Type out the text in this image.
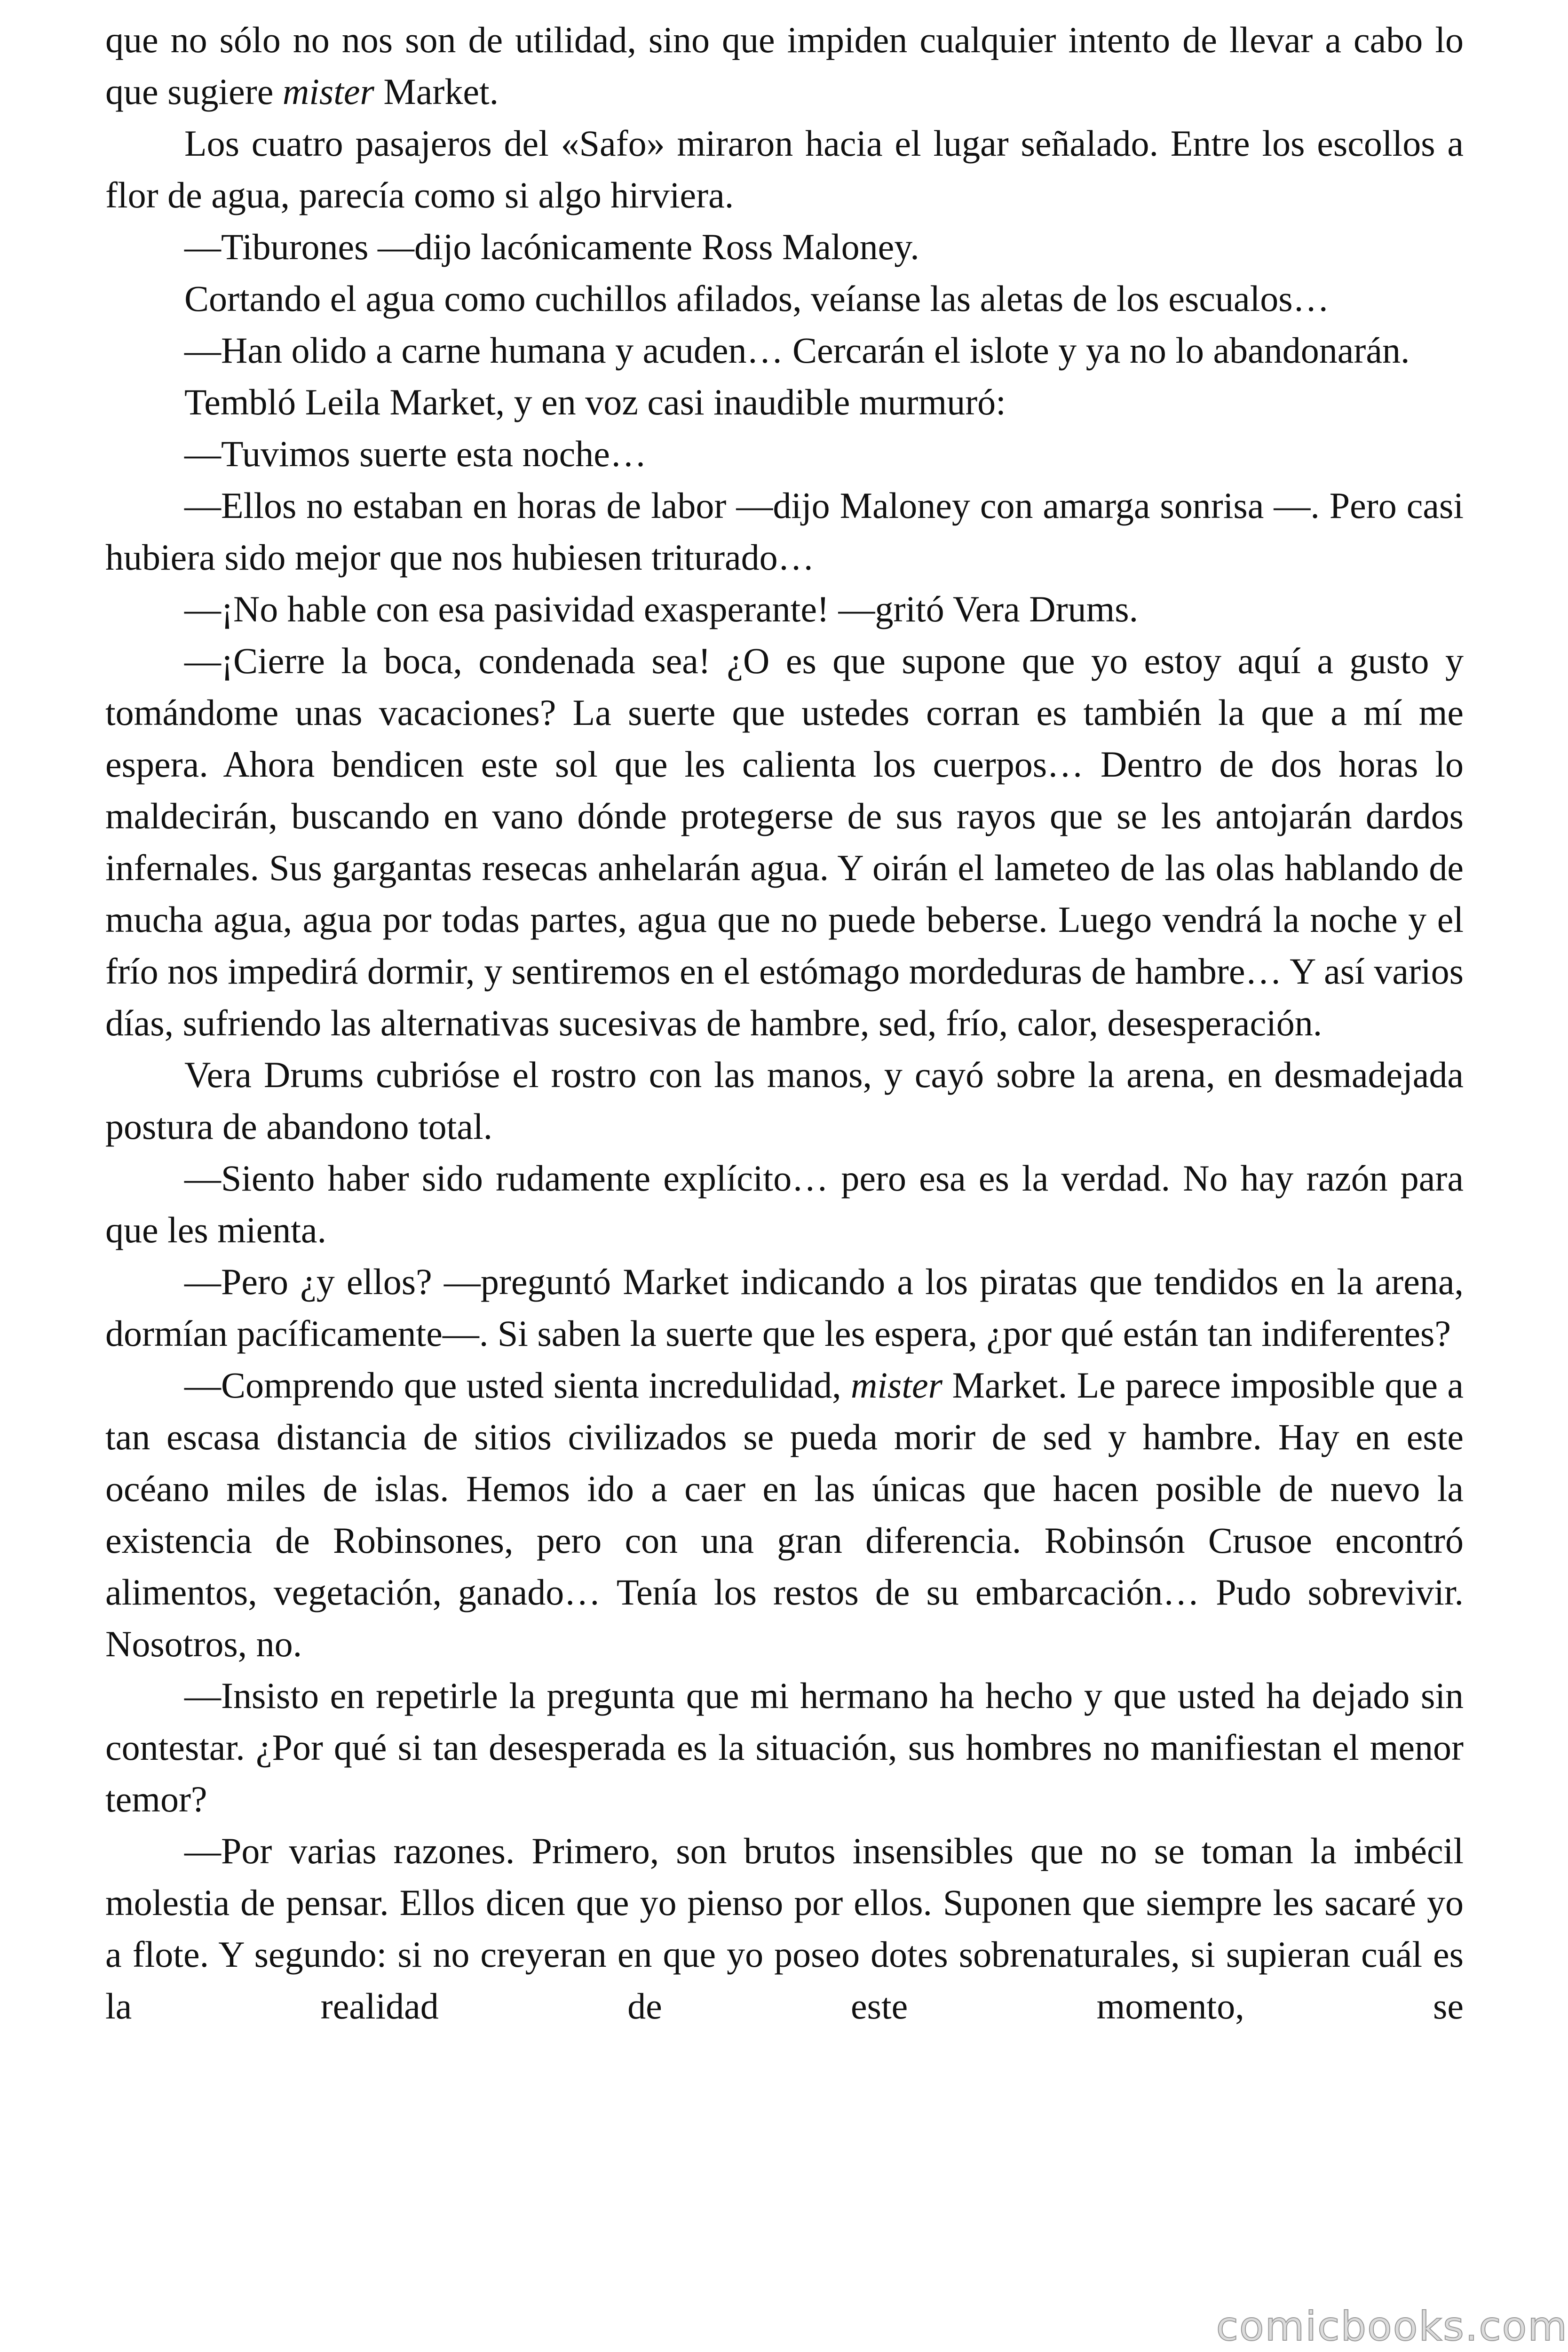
que no sólo no nos son de utilidad, sino que impiden cualquier intento de llevar a cabo lo que sugiere mister Market.

Los cuatro pasajeros del «Safo» miraron hacia el lugar señalado. Entre los escollos a flor de agua, parecía como si algo hirviera.

—Tiburones —dijo lacónicamente Ross Maloney.

Cortando el agua como cuchillos afilados, veíanse las aletas de los escualos…

—Han olido a carne humana y acuden… Cercarán el islote y ya no lo abandonarán.

Tembló Leila Market, y en voz casi inaudible murmuró:

—Tuvimos suerte esta noche…

—Ellos no estaban en horas de labor —dijo Maloney con amarga sonrisa —. Pero casi hubiera sido mejor que nos hubiesen triturado…

—¡No hable con esa pasividad exasperante! —gritó Vera Drums.

—¡Cierre la boca, condenada sea! ¿O es que supone que yo estoy aquí a gusto y tomándome unas vacaciones? La suerte que ustedes corran es también la que a mí me espera. Ahora bendicen este sol que les calienta los cuerpos… Dentro de dos horas lo maldecirán, buscando en vano dónde protegerse de sus rayos que se les antojarán dardos infernales. Sus gargantas resecas anhelarán agua. Y oirán el lameteo de las olas hablando de mucha agua, agua por todas partes, agua que no puede beberse. Luego vendrá la noche y el frío nos impedirá dormir, y sentiremos en el estómago mordeduras de hambre… Y así varios días, sufriendo las alternativas sucesivas de hambre, sed, frío, calor, desesperación.

Vera Drums cubrióse el rostro con las manos, y cayó sobre la arena, en desmadejada postura de abandono total.

—Siento haber sido rudamente explícito… pero esa es la verdad. No hay razón para que les mienta.

—Pero ¿y ellos? —preguntó Market indicando a los piratas que tendidos en la arena, dormían pacíficamente—. Si saben la suerte que les espera, ¿por qué están tan indiferentes?

—Comprendo que usted sienta incredulidad, mister Market. Le parece imposible que a tan escasa distancia de sitios civilizados se pueda morir de sed y hambre. Hay en este océano miles de islas. Hemos ido a caer en las únicas que hacen posible de nuevo la existencia de Robinsones, pero con una gran diferencia. Robinsón Crusoe encontró alimentos, vegetación, ganado… Tenía los restos de su embarcación… Pudo sobrevivir. Nosotros, no.

—Insisto en repetirle la pregunta que mi hermano ha hecho y que usted ha dejado sin contestar. ¿Por qué si tan desesperada es la situación, sus hombres no manifiestan el menor temor?

—Por varias razones. Primero, son brutos insensibles que no se toman la imbécil molestia de pensar. Ellos dicen que yo pienso por ellos. Suponen que siempre les sacaré yo a flote. Y segundo: si no creyeran en que yo poseo dotes sobrenaturales, si supieran cuál es la realidad de este momento, se

comicbooks.com
